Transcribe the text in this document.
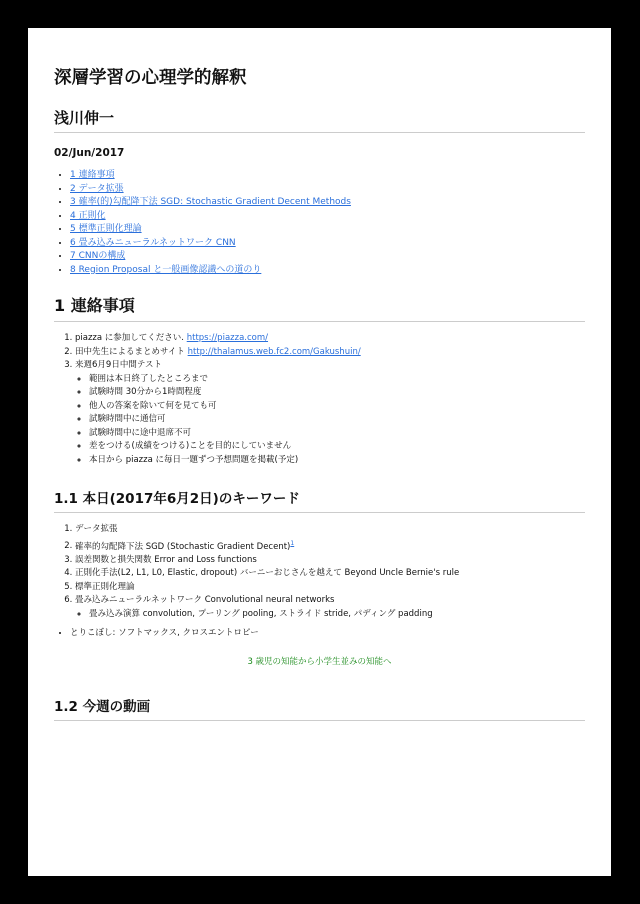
深層学習の心理学的解釈
浅川伸一
02/Jun/2017
• 1 連絡事項
• 2 データ拡張
• 3 確率(的)勾配降下法 SGD: Stochastic Gradient Decent Methods
• 4 正則化
• 5 標準正則化理論
• 6 畳み込みニューラルネットワーク CNN
• 7 CNNの構成
• 8 Region Proposal と一般画像認識への道のり
1 連絡事項
1. piazza に参加してください. https://piazza.com/
2. 田中先生によるまとめサイト http://thalamus.web.fc2.com/Gakushuin/
3. 来週6月9日中間テスト
◦ 範囲は本日終了したところまで
◦ 試験時間 30分から1時間程度
◦ 他人の答案を除いて何を見ても可
◦ 試験時間中に通信可
◦ 試験時間中に途中退席不可
◦ 差をつける(成績をつける)ことを目的にしていません
◦ 本日から piazza に毎日一題ずつ予想問題を掲載(予定)
1.1 本日(2017年6月2日)のキーワード
1. データ拡張
2. 確率的勾配降下法 SGD (Stochastic Gradient Decent)$^1$
3. 誤差関数と損失関数 Error and Loss functions
4. 正則化手法(L2, L1, L0, Elastic, dropout) バーニーおじさんを越えて Beyond Uncle Bernie's rule
5. 標準正則化理論
6. 畳み込みニューラルネットワーク Convolutional neural networks
◦ 畳み込み演算 convolution, プーリング pooling, ストライド stride, パディング padding
• とりこぼし: ソフトマックス, クロスエントロピー
3 歳児の知能から小学生並みの知能へ
1.2 今週の動画
